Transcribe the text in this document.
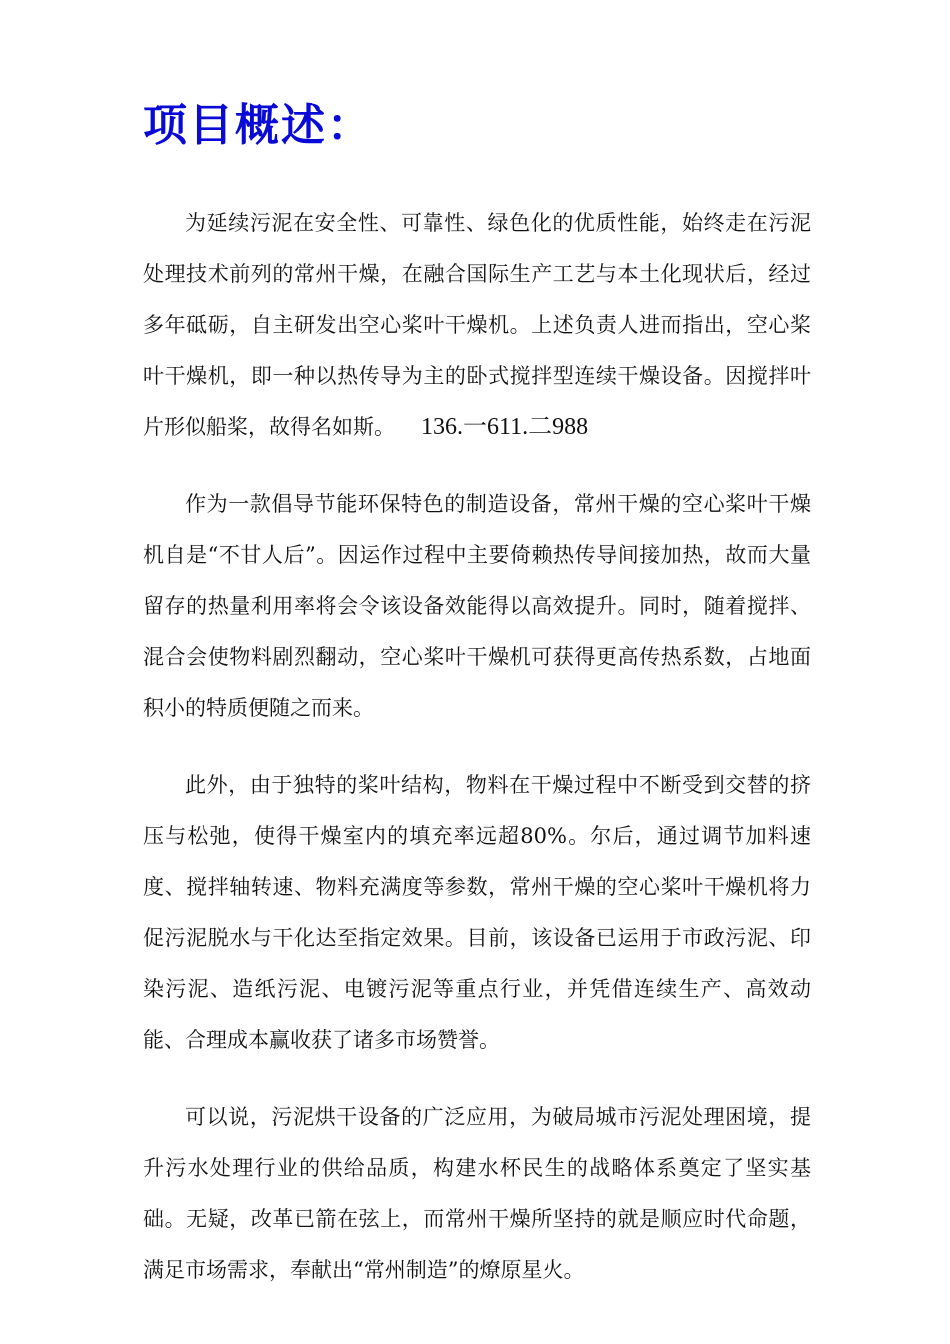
项目概述：

为延续污泥在安全性、可靠性、绿色化的优质性能，始终走在污泥处理技术前列的常州干燥，在融合国际生产工艺与本土化现状后，经过多年砥砺，自主研发出空心桨叶干燥机。上述负责人进而指出，空心桨叶干燥机，即一种以热传导为主的卧式搅拌型连续干燥设备。因搅拌叶片形似船桨，故得名如斯。 136.一611.二988

作为一款倡导节能环保特色的制造设备，常州干燥的空心桨叶干燥机自是“不甘人后”。因运作过程中主要倚赖热传导间接加热，故而大量留存的热量利用率将会令该设备效能得以高效提升。同时，随着搅拌、混合会使物料剧烈翻动，空心桨叶干燥机可获得更高传热系数，占地面积小的特质便随之而来。

此外，由于独特的桨叶结构，物料在干燥过程中不断受到交替的挤压与松弛，使得干燥室内的填充率远超80%。尔后，通过调节加料速度、搅拌轴转速、物料充满度等参数，常州干燥的空心桨叶干燥机将力促污泥脱水与干化达至指定效果。目前，该设备已运用于市政污泥、印染污泥、造纸污泥、电镀污泥等重点行业，并凭借连续生产、高效动能、合理成本赢收获了诸多市场赞誉。

可以说，污泥烘干设备的广泛应用，为破局城市污泥处理困境，提升污水处理行业的供给品质，构建水杯民生的战略体系奠定了坚实基础。无疑，改革已箭在弦上，而常州干燥所坚持的就是顺应时代命题，满足市场需求，奉献出“常州制造”的燎原星火。
